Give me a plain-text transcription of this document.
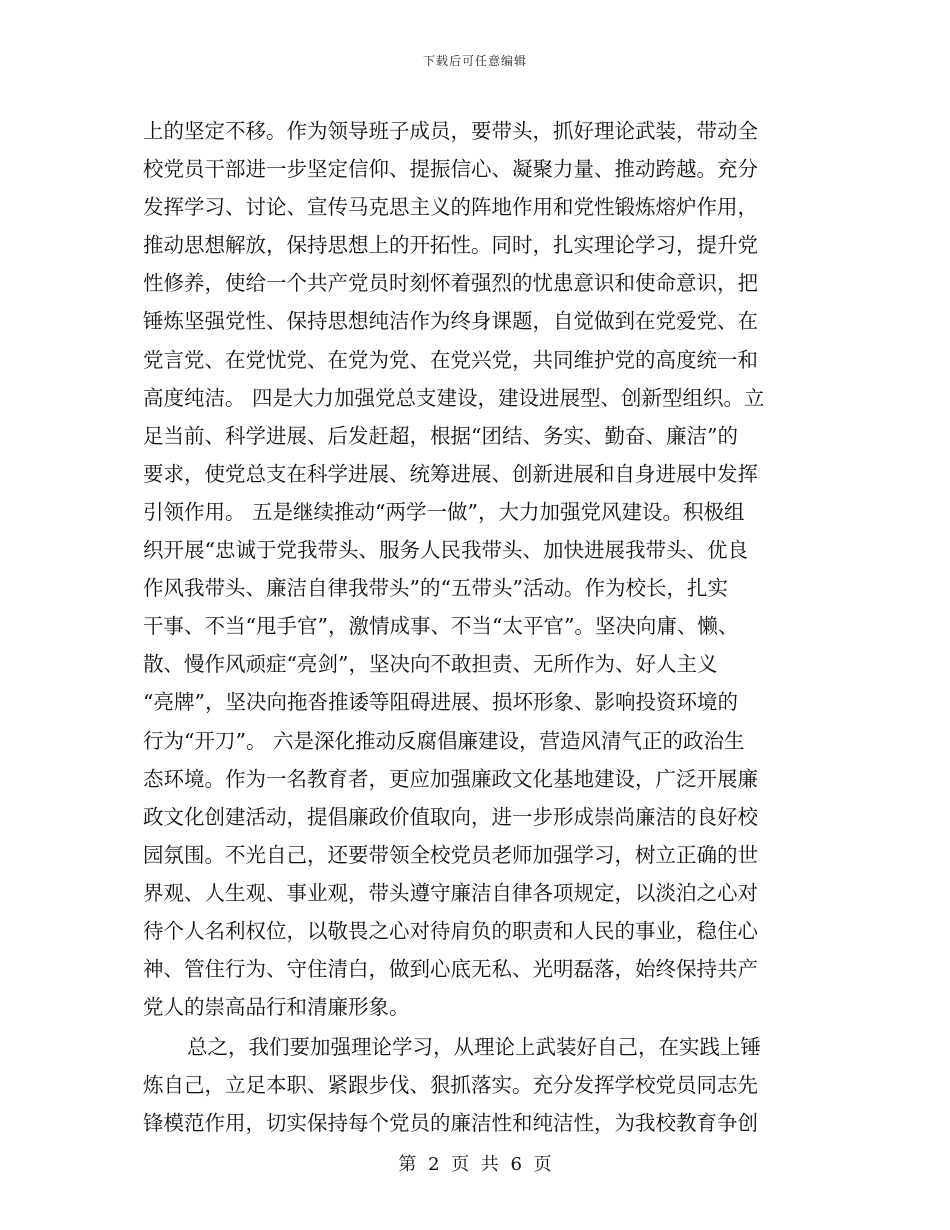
下载后可任意编辑
上的坚定不移。作为领导班子成员，要带头，抓好理论武装，带动全
校党员干部进一步坚定信仰、提振信心、凝聚力量、推动跨越。充分
发挥学习、讨论、宣传马克思主义的阵地作用和党性锻炼熔炉作用，
推动思想解放，保持思想上的开拓性。同时，扎实理论学习，提升党
性修养，使给一个共产党员时刻怀着强烈的忧患意识和使命意识，把
锤炼坚强党性、保持思想纯洁作为终身课题，自觉做到在党爱党、在
党言党、在党忧党、在党为党、在党兴党，共同维护党的高度统一和
高度纯洁。 四是大力加强党总支建设，建设进展型、创新型组织。立
足当前、科学进展、后发赶超，根据“团结、务实、勤奋、廉洁”的
要求，使党总支在科学进展、统筹进展、创新进展和自身进展中发挥
引领作用。 五是继续推动“两学一做”，大力加强党风建设。积极组
织开展“忠诚于党我带头、服务人民我带头、加快进展我带头、优良
作风我带头、廉洁自律我带头”的“五带头”活动。作为校长，扎实
干事、不当“甩手官”，激情成事、不当“太平官”。坚决向庸、懒、
散、慢作风顽症“亮剑”，坚决向不敢担责、无所作为、好人主义
“亮牌”，坚决向拖沓推诿等阻碍进展、损坏形象、影响投资环境的
行为“开刀”。 六是深化推动反腐倡廉建设，营造风清气正的政治生
态环境。作为一名教育者，更应加强廉政文化基地建设，广泛开展廉
政文化创建活动，提倡廉政价值取向，进一步形成崇尚廉洁的良好校
园氛围。不光自己，还要带领全校党员老师加强学习，树立正确的世
界观、人生观、事业观，带头遵守廉洁自律各项规定，以淡泊之心对
待个人名利权位，以敬畏之心对待肩负的职责和人民的事业，稳住心
神、管住行为、守住清白，做到心底无私、光明磊落，始终保持共产
党人的崇高品行和清廉形象。
总之，我们要加强理论学习，从理论上武装好自己，在实践上锤
炼自己，立足本职、紧跟步伐、狠抓落实。充分发挥学校党员同志先
锋模范作用，切实保持每个党员的廉洁性和纯洁性，为我校教育争创
第 2 页  共 6 页
